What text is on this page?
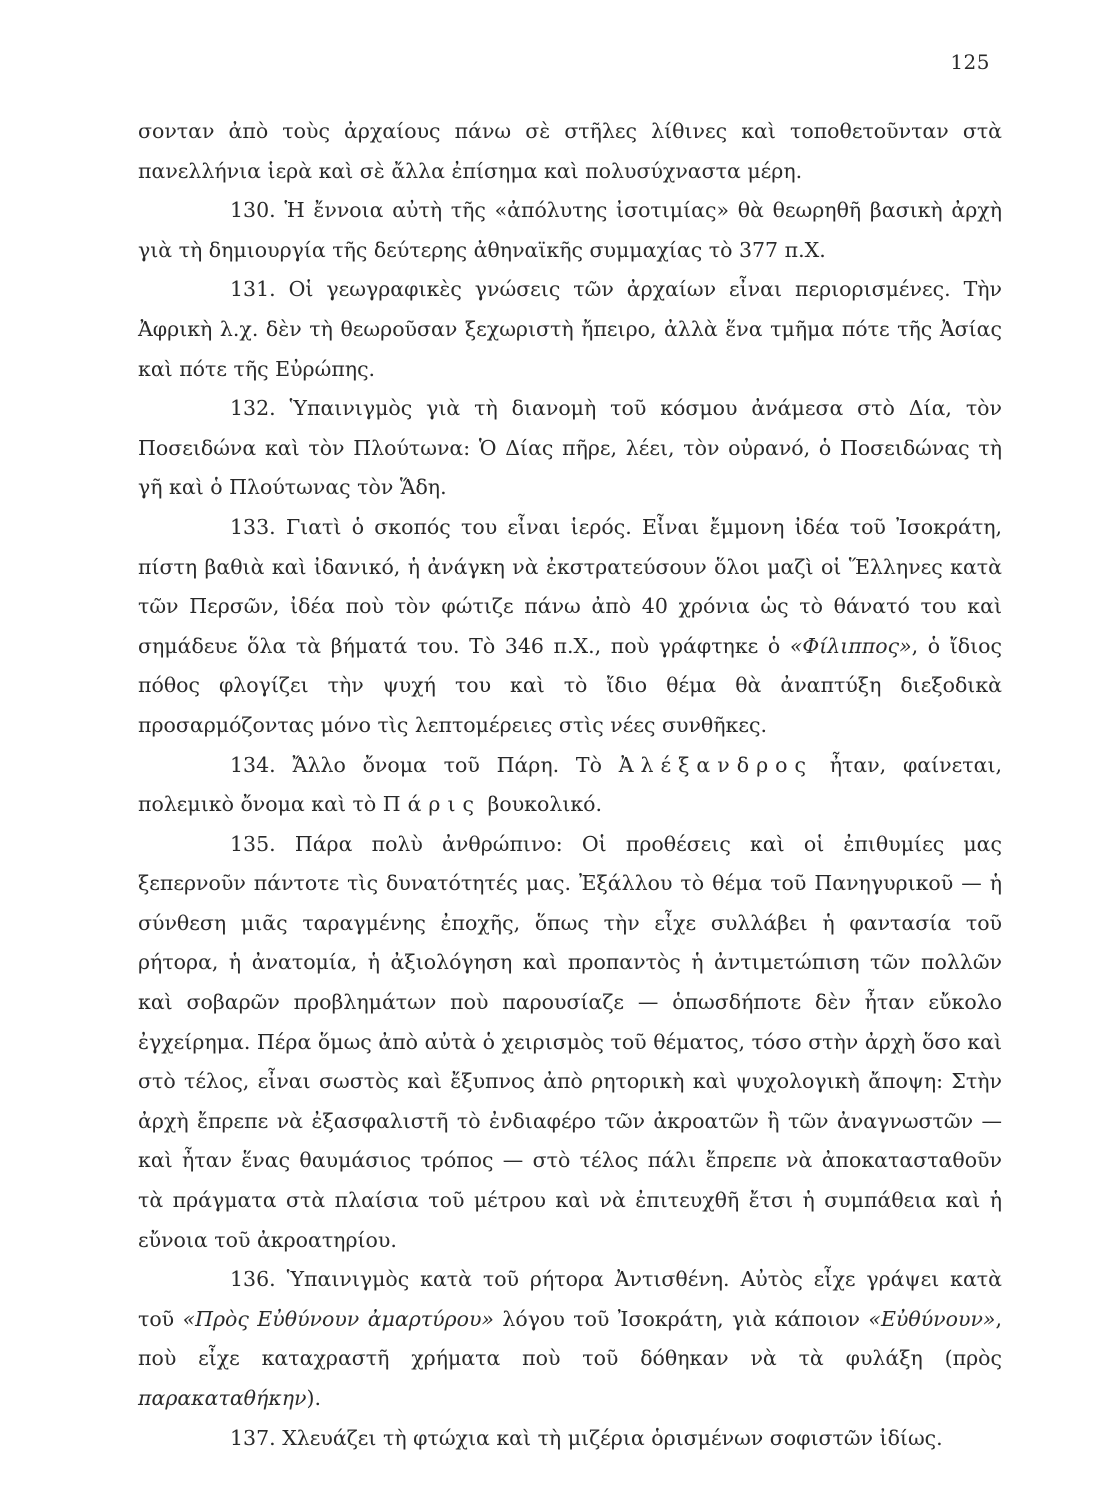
125

σονταν ἀπὸ τοὺς ἀρχαίους πάνω σὲ στῆλες λίθινες καὶ τοποθετοῦνταν στὰ πανελλήνια ἱερὰ καὶ σὲ ἄλλα ἐπίσημα καὶ πολυσύχναστα μέρη.

130. Ἡ ἔννοια αὐτὴ τῆς «ἀπόλυτης ἰσοτιμίας» θὰ θεωρηθῆ βασικὴ ἀρχὴ γιὰ τὴ δημιουργία τῆς δεύτερης ἀθηναϊκῆς συμμαχίας τὸ 377 π.Χ.

131. Οἱ γεωγραφικὲς γνώσεις τῶν ἀρχαίων εἶναι περιορισμένες. Τὴν Ἀφρικὴ λ.χ. δὲν τὴ θεωροῦσαν ξεχωριστὴ ἤπειρο, ἀλλὰ ἕνα τμῆμα πότε τῆς Ἀσίας καὶ πότε τῆς Εὐρώπης.

132. Ὑπαινιγμὸς γιὰ τὴ διανομὴ τοῦ κόσμου ἀνάμεσα στὸ Δία, τὸν Ποσειδώνα καὶ τὸν Πλούτωνα: Ὁ Δίας πῆρε, λέει, τὸν οὐρανό, ὁ Ποσειδώνας τὴ γῆ καὶ ὁ Πλούτωνας τὸν Ἅδη.

133. Γιατὶ ὁ σκοπός του εἶναι ἱερός. Εἶναι ἔμμονη ἰδέα τοῦ Ἰσοκράτη, πίστη βαθιὰ καὶ ἰδανικό, ἡ ἀνάγκη νὰ ἐκστρατεύσουν ὅλοι μαζὶ οἱ Ἕλληνες κατὰ τῶν Περσῶν, ἰδέα ποὺ τὸν φώτιζε πάνω ἀπὸ 40 χρόνια ὡς τὸ θάνατό του καὶ σημάδευε ὅλα τὰ βήματά του. Τὸ 346 π.Χ., ποὺ γράφτηκε ὁ «Φίλιππος», ὁ ἴδιος πόθος φλογίζει τὴν ψυχή του καὶ τὸ ἴδιο θέμα θὰ ἀναπτύξη διεξοδικὰ προσαρμόζοντας μόνο τὶς λεπτομέρειες στὶς νέες συνθῆκες.

134. Ἄλλο ὄνομα τοῦ Πάρη. Τὸ Ἀλέξανδρος ἦταν, φαίνεται, πολεμικὸ ὄνομα καὶ τὸ Πάρις βουκολικό.

135. Πάρα πολὺ ἀνθρώπινο: Οἱ προθέσεις καὶ οἱ ἐπιθυμίες μας ξεπερνοῦν πάντοτε τὶς δυνατότητές μας. Ἐξάλλου τὸ θέμα τοῦ Πανηγυρικοῦ — ἡ σύνθεση μιᾶς ταραγμένης ἐποχῆς, ὅπως τὴν εἶχε συλλάβει ἡ φαντασία τοῦ ρήτορα, ἡ ἀνατομία, ἡ ἀξιολόγηση καὶ προπαντὸς ἡ ἀντιμετώπιση τῶν πολλῶν καὶ σοβαρῶν προβλημάτων ποὺ παρουσίαζε — ὁπωσδήποτε δὲν ἦταν εὔκολο ἐγχείρημα. Πέρα ὅμως ἀπὸ αὐτὰ ὁ χειρισμὸς τοῦ θέματος, τόσο στὴν ἀρχὴ ὅσο καὶ στὸ τέλος, εἶναι σωστὸς καὶ ἔξυπνος ἀπὸ ρητορικὴ καὶ ψυχολογικὴ ἄποψη: Στὴν ἀρχὴ ἔπρεπε νὰ ἐξασφαλιστῆ τὸ ἐνδιαφέρο τῶν ἀκροατῶν ἢ τῶν ἀναγνωστῶν — καὶ ἦταν ἕνας θαυμάσιος τρόπος — στὸ τέλος πάλι ἔπρεπε νὰ ἀποκατασταθοῦν τὰ πράγματα στὰ πλαίσια τοῦ μέτρου καὶ νὰ ἐπιτευχθῆ ἔτσι ἡ συμπάθεια καὶ ἡ εὔνοια τοῦ ἀκροατηρίου.

136. Ὑπαινιγμὸς κατὰ τοῦ ρήτορα Ἀντισθένη. Αὐτὸς εἶχε γράψει κατὰ τοῦ «Πρὸς Εὐθύνουν ἀμαρτύρου» λόγου τοῦ Ἰσοκράτη, γιὰ κάποιον «Εὐθύνουν», ποὺ εἶχε καταχραστῆ χρήματα ποὺ τοῦ δόθηκαν νὰ τὰ φυλάξη (πρὸς παρακαταθήκην).

137. Χλευάζει τὴ φτώχια καὶ τὴ μιζέρια ὁρισμένων σοφιστῶν ἰδίως.
